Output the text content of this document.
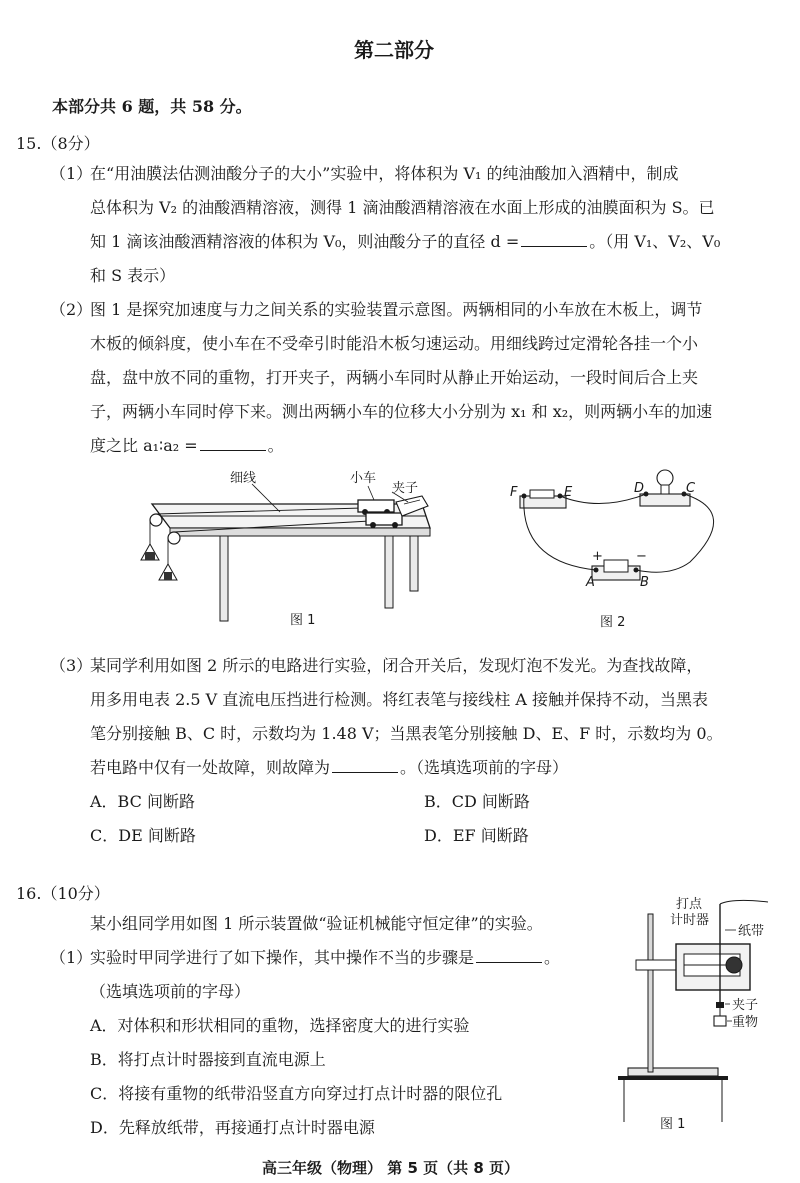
第二部分
本部分共 6 题，共 58 分。
15.（8分）
（1）
在“用油膜法估测油酸分子的大小”实验中，将体积为 V₁ 的纯油酸加入酒精中，制成
总体积为 V₂ 的油酸酒精溶液，测得 1 滴油酸酒精溶液在水面上形成的油膜面积为 S。已
知 1 滴该油酸酒精溶液的体积为 V₀，则油酸分子的直径 d =	。（用 V₁、V₂、V₀
和 S 表示）
（2）
图 1 是探究加速度与力之间关系的实验装置示意图。两辆相同的小车放在木板上，调节
木板的倾斜度，使小车在不受牵引时能沿木板匀速运动。用细线跨过定滑轮各挂一个小
盘，盘中放不同的重物，打开夹子，两辆小车同时从静止开始运动，一段时间后合上夹
子，两辆小车同时停下来。测出两辆小车的位移大小分别为 x₁ 和 x₂，则两辆小车的加速
度之比 a₁∶a₂ =	。
细线	小车
夹子
图 1
F	E	D	C
+	−
A	B
图 2
（3）
某同学利用如图 2 所示的电路进行实验，闭合开关后，发现灯泡不发光。为查找故障，
用多用电表 2.5 V 直流电压挡进行检测。将红表笔与接线柱 A 接触并保持不动，当黑表
笔分别接触 B、C 时，示数均为 1.48 V；当黑表笔分别接触 D、E、F 时，示数均为 0。
若电路中仅有一处故障，则故障为	。（选填选项前的字母）
A．BC 间断路	B．CD 间断路
C．DE 间断路	D．EF 间断路
16.（10分）
某小组同学用如图 1 所示装置做“验证机械能守恒定律”的实验。
（1）
实验时甲同学进行了如下操作，其中操作不当的步骤是	。
（选填选项前的字母）
A．对体积和形状相同的重物，选择密度大的进行实验
B．将打点计时器接到直流电源上
C．将接有重物的纸带沿竖直方向穿过打点计时器的限位孔
D．先释放纸带，再接通打点计时器电源
打点
计时器
纸带
夹子
重物
图 1
高三年级（物理） 第 5 页（共 8 页）
